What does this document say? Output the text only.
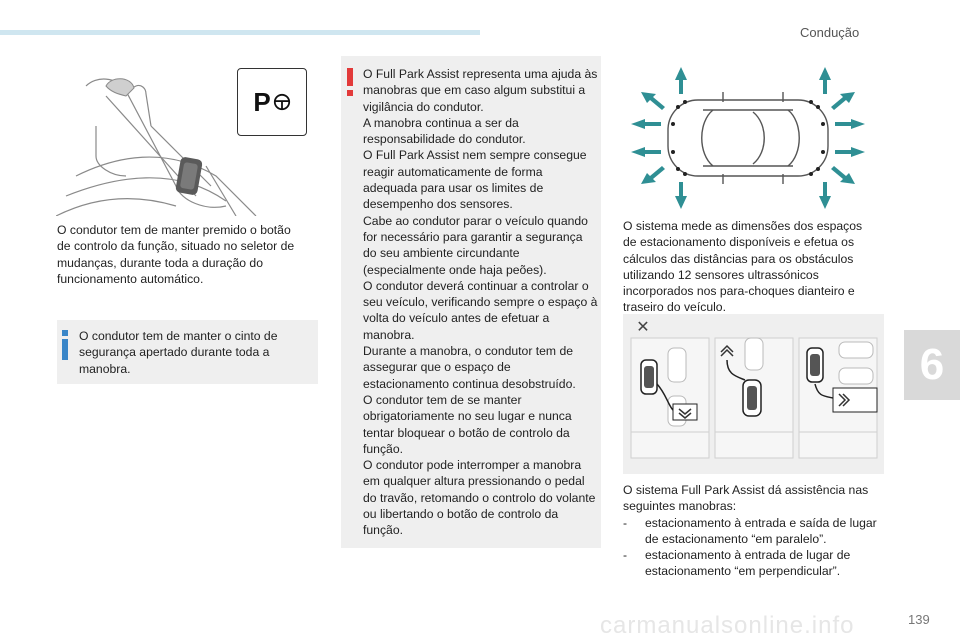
Condução
6
carmanualsonline.info	139
P

O condutor tem de manter premido o botão de controlo da função, situado no seletor de mudanças, durante toda a duração do funcionamento automático.

O condutor tem de manter o cinto de segurança apertado durante toda a manobra.

O Full Park Assist representa uma ajuda às manobras que em caso algum substitui a vigilância do condutor.

A manobra continua a ser da responsabilidade do condutor.

O Full Park Assist nem sempre consegue reagir automaticamente de forma adequada para usar os limites de desempenho dos sensores.

Cabe ao condutor parar o veículo quando for necessário para garantir a segurança do seu ambiente circundante (especialmente onde haja peões).

O condutor deverá continuar a controlar o seu veículo, verificando sempre o espaço à volta do veículo antes de efetuar a manobra.

Durante a manobra, o condutor tem de assegurar que o espaço de estacionamento continua desobstruído.

O condutor tem de se manter obrigatoriamente no seu lugar e nunca tentar bloquear o botão de controlo da função.

O condutor pode interromper a manobra em qualquer altura pressionando o pedal do travão, retomando o controlo do volante ou libertando o botão de controlo da função.

O sistema mede as dimensões dos espaços de estacionamento disponíveis e efetua os cálculos das distâncias para os obstáculos utilizando 12 sensores ultrassónicos incorporados nos para-choques dianteiro e traseiro do veículo.

✕

O sistema Full Park Assist dá assistência nas seguintes manobras:

- estacionamento à entrada e saída de lugar de estacionamento “em paralelo”.
- estacionamento à entrada de lugar de estacionamento “em perpendicular”.
